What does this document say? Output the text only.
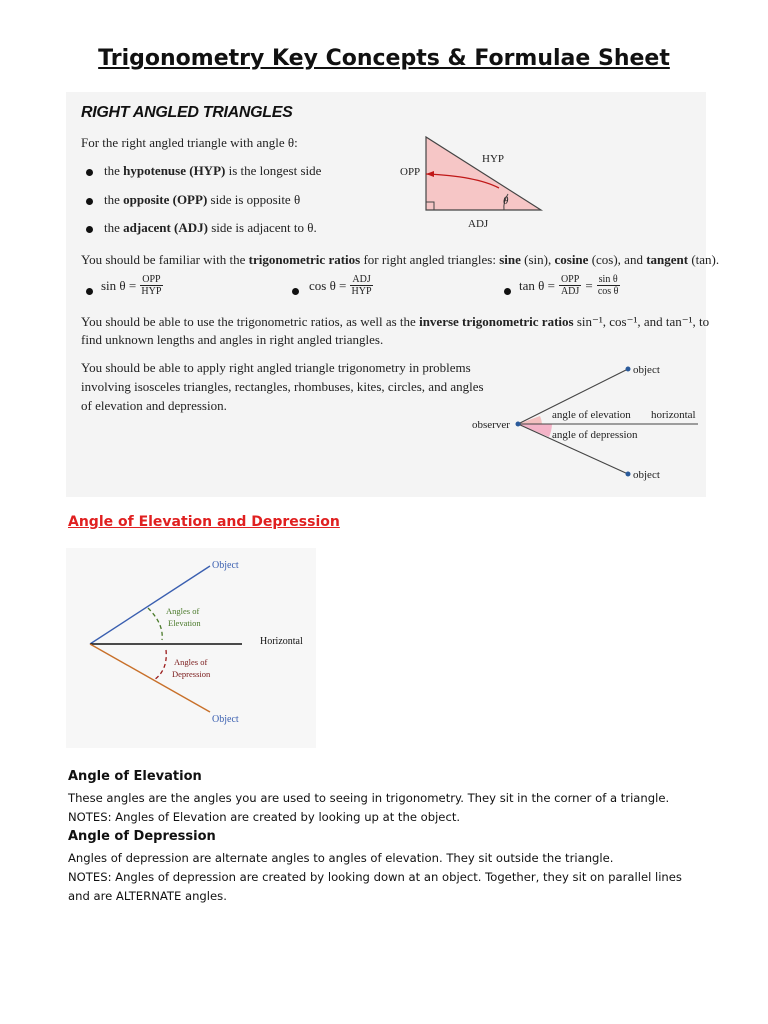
Trigonometry Key Concepts & Formulae Sheet
RIGHT ANGLED TRIANGLES
For the right angled triangle with angle θ:
the hypotenuse (HYP) is the longest side
the opposite (OPP) side is opposite θ
the adjacent (ADJ) side is adjacent to θ.
OPP
HYP
ADJ
θ
You should be familiar with the trigonometric ratios for right angled triangles: sine (sin), cosine (cos), and tangent (tan).
$\sin \theta = \frac{\text{OPP}}{\text{HYP}}$	$\cos \theta = \frac{\text{ADJ}}{\text{HYP}}$	$\tan \theta = \frac{\text{OPP}}{\text{ADJ}} = \frac{\text{sin θ}}{\text{cos θ}}$
You should be able to use the trigonometric ratios, as well as the inverse trigonometric ratios sin⁻¹, cos⁻¹, and tan⁻¹, to
find unknown lengths and angles in right angled triangles.
You should be able to apply right angled triangle trigonometry in problems
involving isosceles triangles, rectangles, rhombuses, kites, circles, and angles
of elevation and depression.
object
observer
angle of elevation horizontal
angle of depression
object
Angle of Elevation and Depression
Object
Angles of
Elevation
Horizontal
Angles of
Depression
Object
Angle of Elevation

These angles are the angles you are used to seeing in trigonometry. They sit in the corner of a triangle.

NOTES: Angles of Elevation are created by looking up at the object.

Angle of Depression

Angles of depression are alternate angles to angles of elevation. They sit outside the triangle.

NOTES: Angles of depression are created by looking down at an object. Together, they sit on parallel lines

and are ALTERNATE angles.
